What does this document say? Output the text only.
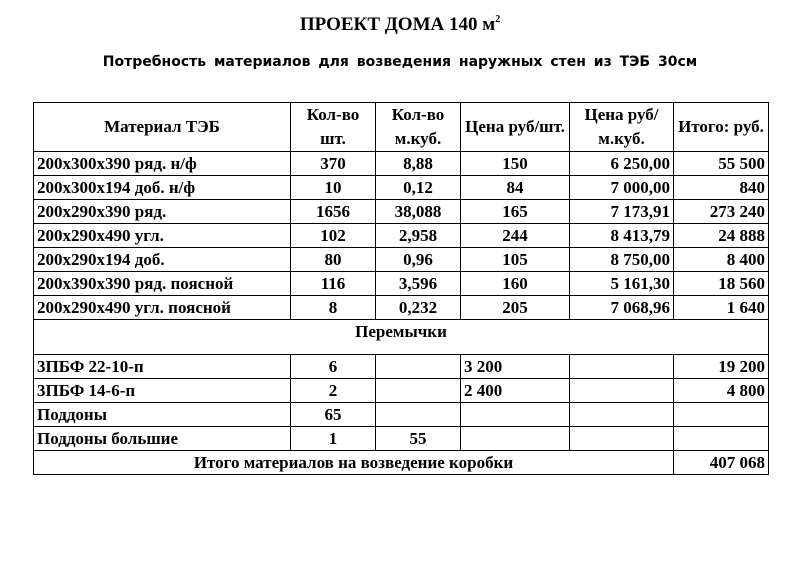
ПРОЕКТ ДОМА 140 $м^2$
Потребность материалов для возведения наружных стен из ТЭБ 30см
Материал ТЭБ	Кол-во шт.	Кол-во м.куб.	Цена руб/шт.	Цена руб/м.куб.	Итого: руб.
200х300х390 ряд. н/ф	370	8,88	150	6 250,00	55 500
200х300х194 доб. н/ф	10	0,12	84	7 000,00	840
200х290х390 ряд.	1656	38,088	165	7 173,91	273 240
200х290х490 угл.	102	2,958	244	8 413,79	24 888
200х290х194 доб.	80	0,96	105	8 750,00	8 400
200х390х390 ряд. поясной	116	3,596	160	5 161,30	18 560
200х290х490 угл. поясной	8	0,232	205	7 068,96	1 640
Перемычки					
3ПБФ 22-10-п	6		3 200		19 200
3ПБФ 14-6-п	2		2 400		4 800
Поддоны	65				
Поддоны большие	1	55			
Итого материалов на возведение коробки					407 068
